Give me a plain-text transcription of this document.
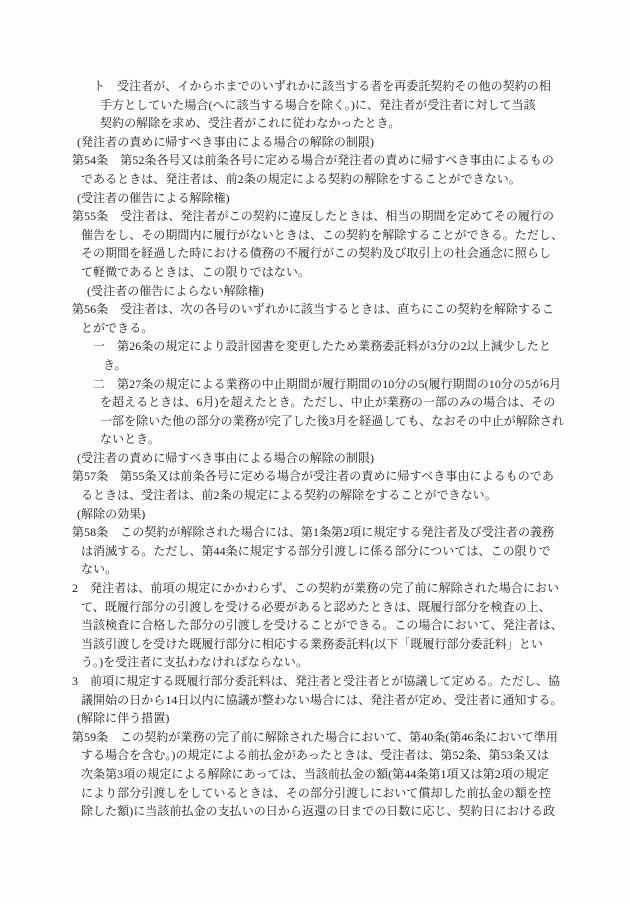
ト　受注者が、イからホまでのいずれかに該当する者を再委託契約その他の契約の相
手方としていた場合(へに該当する場合を除く。)に、発注者が受注者に対して当該
契約の解除を求め、受注者がこれに従わなかったとき。
(発注者の責めに帰すべき事由による場合の解除の制限)
第54条　第52条各号又は前条各号に定める場合が発注者の責めに帰すべき事由によるもの
であるときは、発注者は、前2条の規定による契約の解除をすることができない。
(受注者の催告による解除権)
第55条　受注者は、発注者がこの契約に違反したときは、相当の期間を定めてその履行の
催告をし、その期間内に履行がないときは、この契約を解除することができる。ただし、
その期間を経過した時における債務の不履行がこの契約及び取引上の社会通念に照らし
て軽微であるときは、この限りではない。
(受注者の催告によらない解除権)
第56条　受注者は、次の各号のいずれかに該当するときは、直ちにこの契約を解除するこ
とができる。
一　第26条の規定により設計図書を変更したため業務委託料が3分の2以上減少したと
き。
二　第27条の規定による業務の中止期間が履行期間の10分の5(履行期間の10分の5が6月
を超えるときは、6月)を超えたとき。ただし、中止が業務の一部のみの場合は、その
一部を除いた他の部分の業務が完了した後3月を経過しても、なおその中止が解除され
ないとき。
(受注者の責めに帰すべき事由による場合の解除の制限)
第57条　第55条又は前条各号に定める場合が受注者の責めに帰すべき事由によるものであ
るときは、受注者は、前2条の規定による契約の解除をすることができない。
(解除の効果)
第58条　この契約が解除された場合には、第1条第2項に規定する発注者及び受注者の義務
は消滅する。ただし、第44条に規定する部分引渡しに係る部分については、この限りで
ない。
2　発注者は、前項の規定にかかわらず、この契約が業務の完了前に解除された場合におい
て、既履行部分の引渡しを受ける必要があると認めたときは、既履行部分を検査の上、
当該検査に合格した部分の引渡しを受けることができる。この場合において、発注者は、
当該引渡しを受けた既履行部分に相応する業務委託料(以下「既履行部分委託料」とい
う。)を受注者に支払わなければならない。
3　前項に規定する既履行部分委託料は、発注者と受注者とが協議して定める。ただし、協
議開始の日から14日以内に協議が整わない場合には、発注者が定め、受注者に通知する。
(解除に伴う措置)
第59条　この契約が業務の完了前に解除された場合において、第40条(第46条において準用
する場合を含む。)の規定による前払金があったときは、受注者は、第52条、第53条又は
次条第3項の規定による解除にあっては、当該前払金の額(第44条第1項又は第2項の規定
により部分引渡しをしているときは、その部分引渡しにおいて償却した前払金の額を控
除した額)に当該前払金の支払いの日から返還の日までの日数に応じ、契約日における政
